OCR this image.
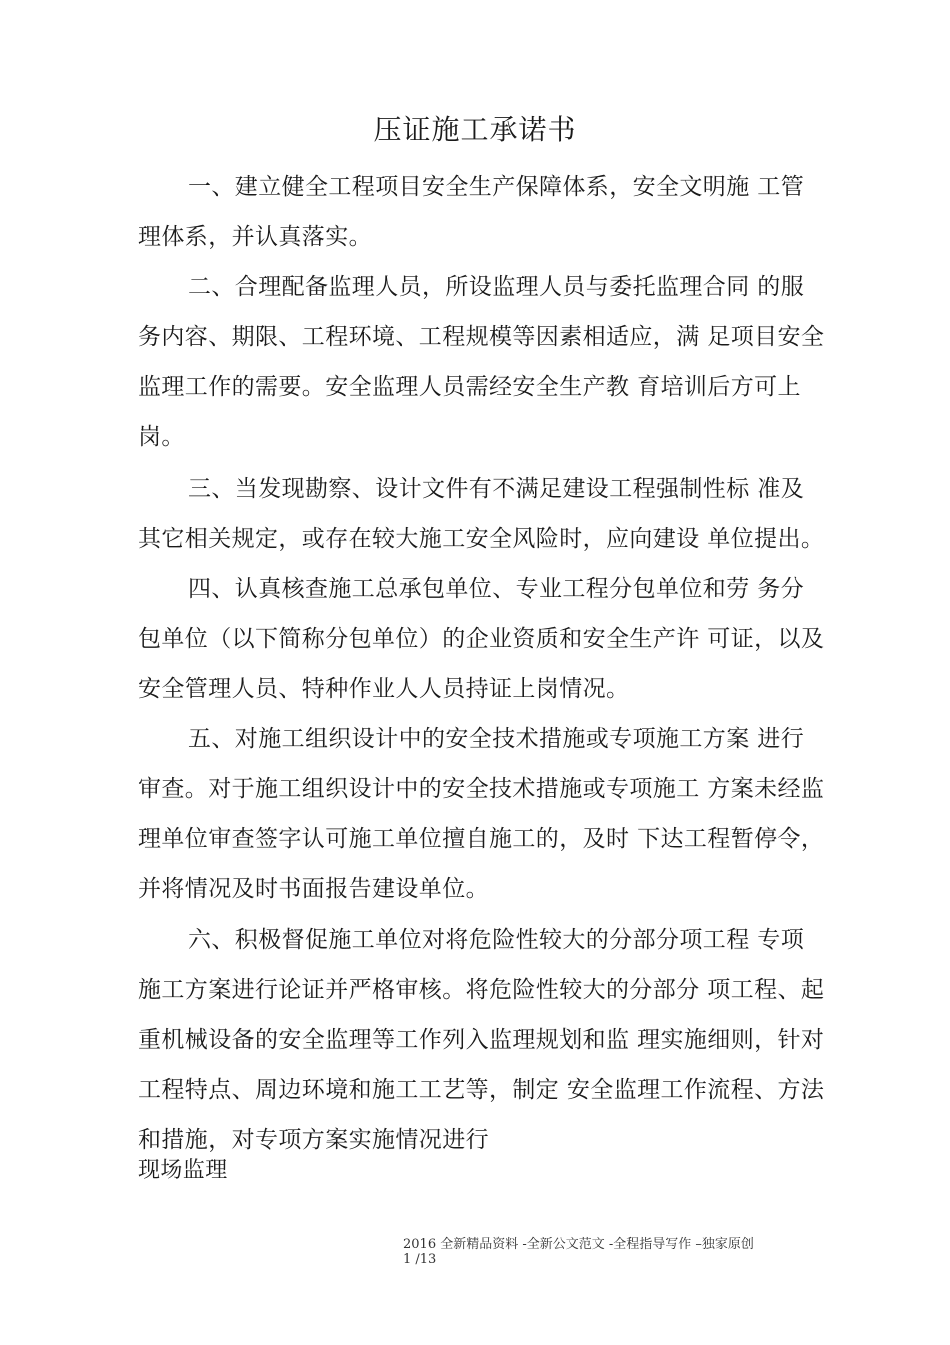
压证施工承诺书
一、建立健全工程项目安全生产保障体系，安全文明施 工管
理体系，并认真落实。
二、合理配备监理人员，所设监理人员与委托监理合同 的服
务内容、期限、工程环境、工程规模等因素相适应，满 足项目安全
监理工作的需要。安全监理人员需经安全生产教 育培训后方可上
岗。
三、当发现勘察、设计文件有不满足建设工程强制性标 准及
其它相关规定，或存在较大施工安全风险时，应向建设 单位提出。
四、认真核查施工总承包单位、专业工程分包单位和劳 务分
包单位（以下简称分包单位）的企业资质和安全生产许 可证，以及
安全管理人员、特种作业人人员持证上岗情况。
五、对施工组织设计中的安全技术措施或专项施工方案 进行
审查。对于施工组织设计中的安全技术措施或专项施工 方案未经监
理单位审查签字认可施工单位擅自施工的，及时 下达工程暂停令，
并将情况及时书面报告建设单位。
六、积极督促施工单位对将危险性较大的分部分项工程 专项
施工方案进行论证并严格审核。将危险性较大的分部分 项工程、起
重机械设备的安全监理等工作列入监理规划和监 理实施细则，针对
工程特点、周边环境和施工工艺等，制定 安全监理工作流程、方法
和措施，对专项方案实施情况进行
现场监理
2016 全新精品资料 -全新公文范文 -全程指导写作 –独家原创
1 /13
